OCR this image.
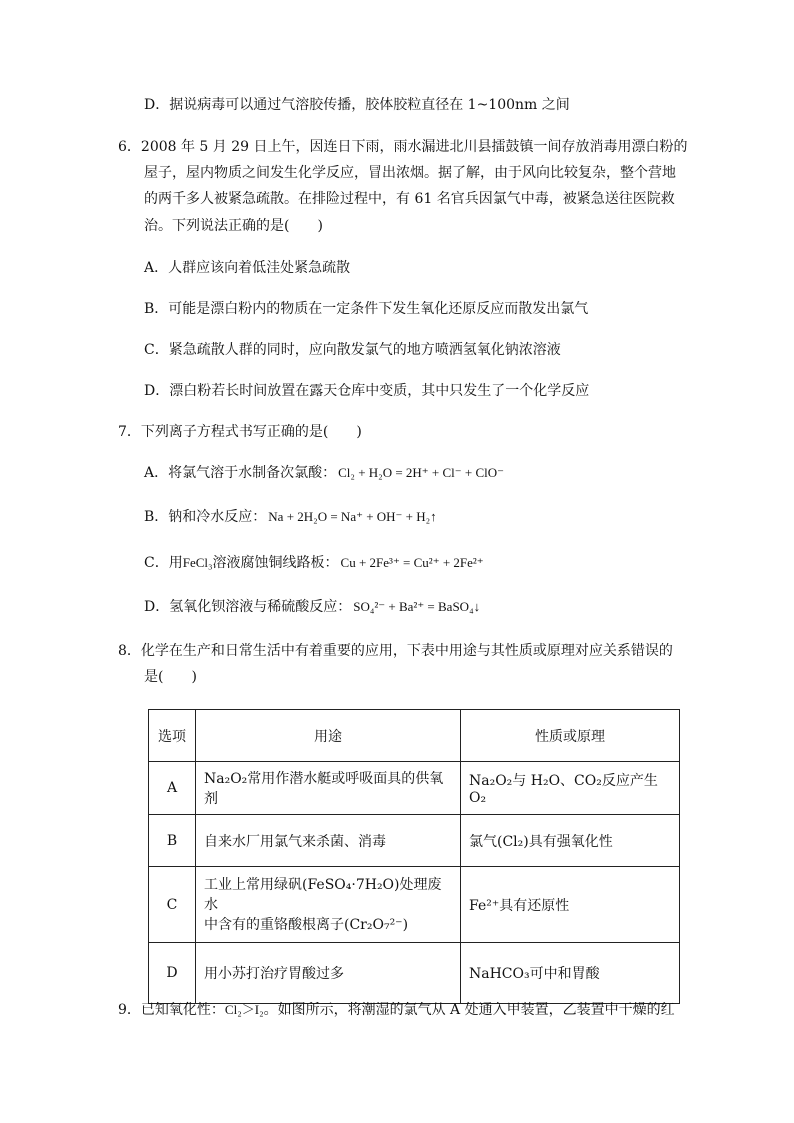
D．据说病毒可以通过气溶胶传播，胶体胶粒直径在 1~100nm 之间
6．2008 年 5 月 29 日上午，因连日下雨，雨水漏进北川县擂鼓镇一间存放消毒用漂白粉的
屋子，屋内物质之间发生化学反应，冒出浓烟。据了解，由于风向比较复杂，整个营地
的两千多人被紧急疏散。在排险过程中，有 61 名官兵因氯气中毒，被紧急送往医院救
治。下列说法正确的是(　　)
A．人群应该向着低洼处紧急疏散
B．可能是漂白粉内的物质在一定条件下发生氧化还原反应而散发出氯气
C．紧急疏散人群的同时，应向散发氯气的地方喷洒氢氧化钠浓溶液
D．漂白粉若长时间放置在露天仓库中变质，其中只发生了一个化学反应
7．下列离子方程式书写正确的是(　　)
A．将氯气溶于水制备次氯酸： Cl₂ + H₂O = 2H⁺ + Cl⁻ + ClO⁻
B．钠和冷水反应： Na + 2H₂O = Na⁺ + OH⁻ + H₂↑
C．用FeCl₃溶液腐蚀铜线路板： Cu + 2Fe³⁺ = Cu²⁺ + 2Fe²⁺
D．氢氧化钡溶液与稀硫酸反应： SO₄²⁻ + Ba²⁺ = BaSO₄↓
8．化学在生产和日常生活中有着重要的应用，下表中用途与其性质或原理对应关系错误的
是(　　)
选项	用途	性质或原理
A	Na₂O₂常用作潜水艇或呼吸面具的供氧剂	Na₂O₂与 H₂O、CO₂反应产生 O₂
B	自来水厂用氯气来杀菌、消毒	氯气(Cl₂)具有强氧化性
C	工业上常用绿矾(FeSO₄·7H₂O)处理废水
中含有的重铬酸根离子(Cr₂O₇²⁻)	Fe²⁺具有还原性
D	用小苏打治疗胃酸过多	NaHCO₃可中和胃酸
9．已知氧化性：Cl₂＞I₂。如图所示，将潮湿的氯气从 A 处通入甲装置，乙装置中干燥的红
